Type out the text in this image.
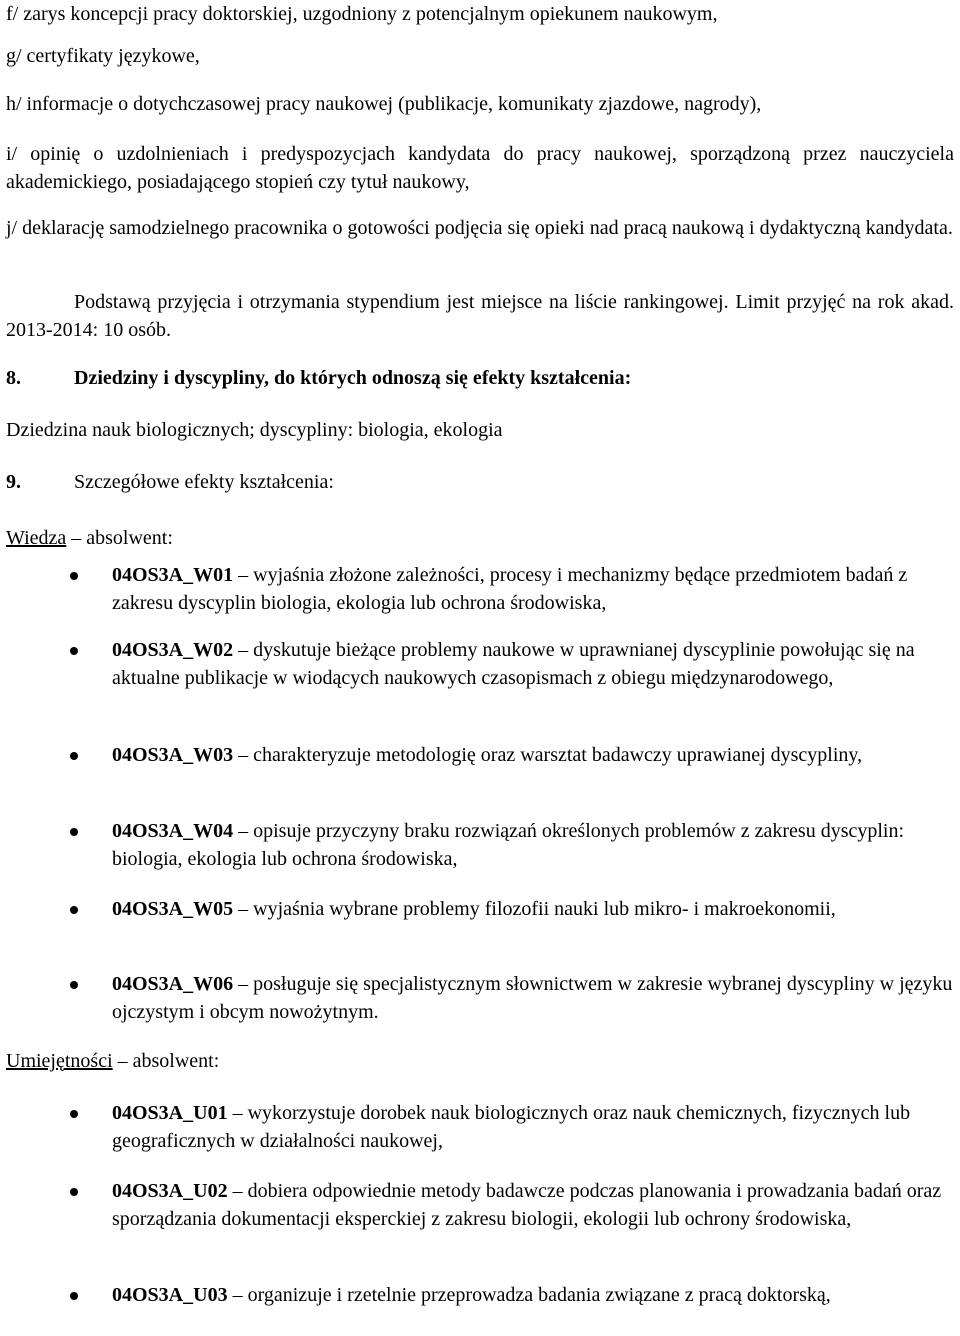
f/ zarys koncepcji pracy doktorskiej, uzgodniony z potencjalnym opiekunem naukowym,
g/ certyfikaty językowe,
h/ informacje o dotychczasowej pracy naukowej (publikacje, komunikaty zjazdowe, nagrody),
i/ opinię o uzdolnieniach i predyspozycjach kandydata do pracy naukowej, sporządzoną przez nauczyciela akademickiego, posiadającego stopień czy tytuł naukowy,
j/ deklarację samodzielnego pracownika o gotowości podjęcia się opieki nad pracą naukową i dydaktyczną kandydata.
Podstawą przyjęcia i otrzymania stypendium jest miejsce na liście rankingowej. Limit przyjęć na rok akad. 2013-2014: 10 osób.
8.	Dziedziny i dyscypliny, do których odnoszą się efekty kształcenia:
Dziedzina nauk biologicznych; dyscypliny: biologia, ekologia
9.	Szczegółowe efekty kształcenia:
Wiedza – absolwent:
04OS3A_W01 – wyjaśnia złożone zależności, procesy i mechanizmy będące przedmiotem badań z zakresu dyscyplin biologia, ekologia lub ochrona środowiska,
04OS3A_W02 – dyskutuje bieżące problemy naukowe w uprawnianej dyscyplinie powołując się na aktualne publikacje w wiodących naukowych czasopismach z obiegu międzynarodowego,
04OS3A_W03 – charakteryzuje metodologię oraz warsztat badawczy uprawianej dyscypliny,
04OS3A_W04 – opisuje przyczyny braku rozwiązań określonych problemów z zakresu dyscyplin: biologia, ekologia lub ochrona środowiska,
04OS3A_W05 – wyjaśnia wybrane problemy filozofii nauki lub mikro- i makroekonomii,
04OS3A_W06 – posługuje się specjalistycznym słownictwem w zakresie wybranej dyscypliny w języku ojczystym i obcym nowożytnym.
Umiejętności – absolwent:
04OS3A_U01 – wykorzystuje dorobek nauk biologicznych oraz nauk chemicznych, fizycznych lub geograficznych w działalności naukowej,
04OS3A_U02 – dobiera odpowiednie metody badawcze podczas planowania i prowadzania badań oraz sporządzania dokumentacji eksperckiej z zakresu biologii, ekologii lub ochrony środowiska,
04OS3A_U03 – organizuje i rzetelnie przeprowadza badania związane z pracą doktorską,
